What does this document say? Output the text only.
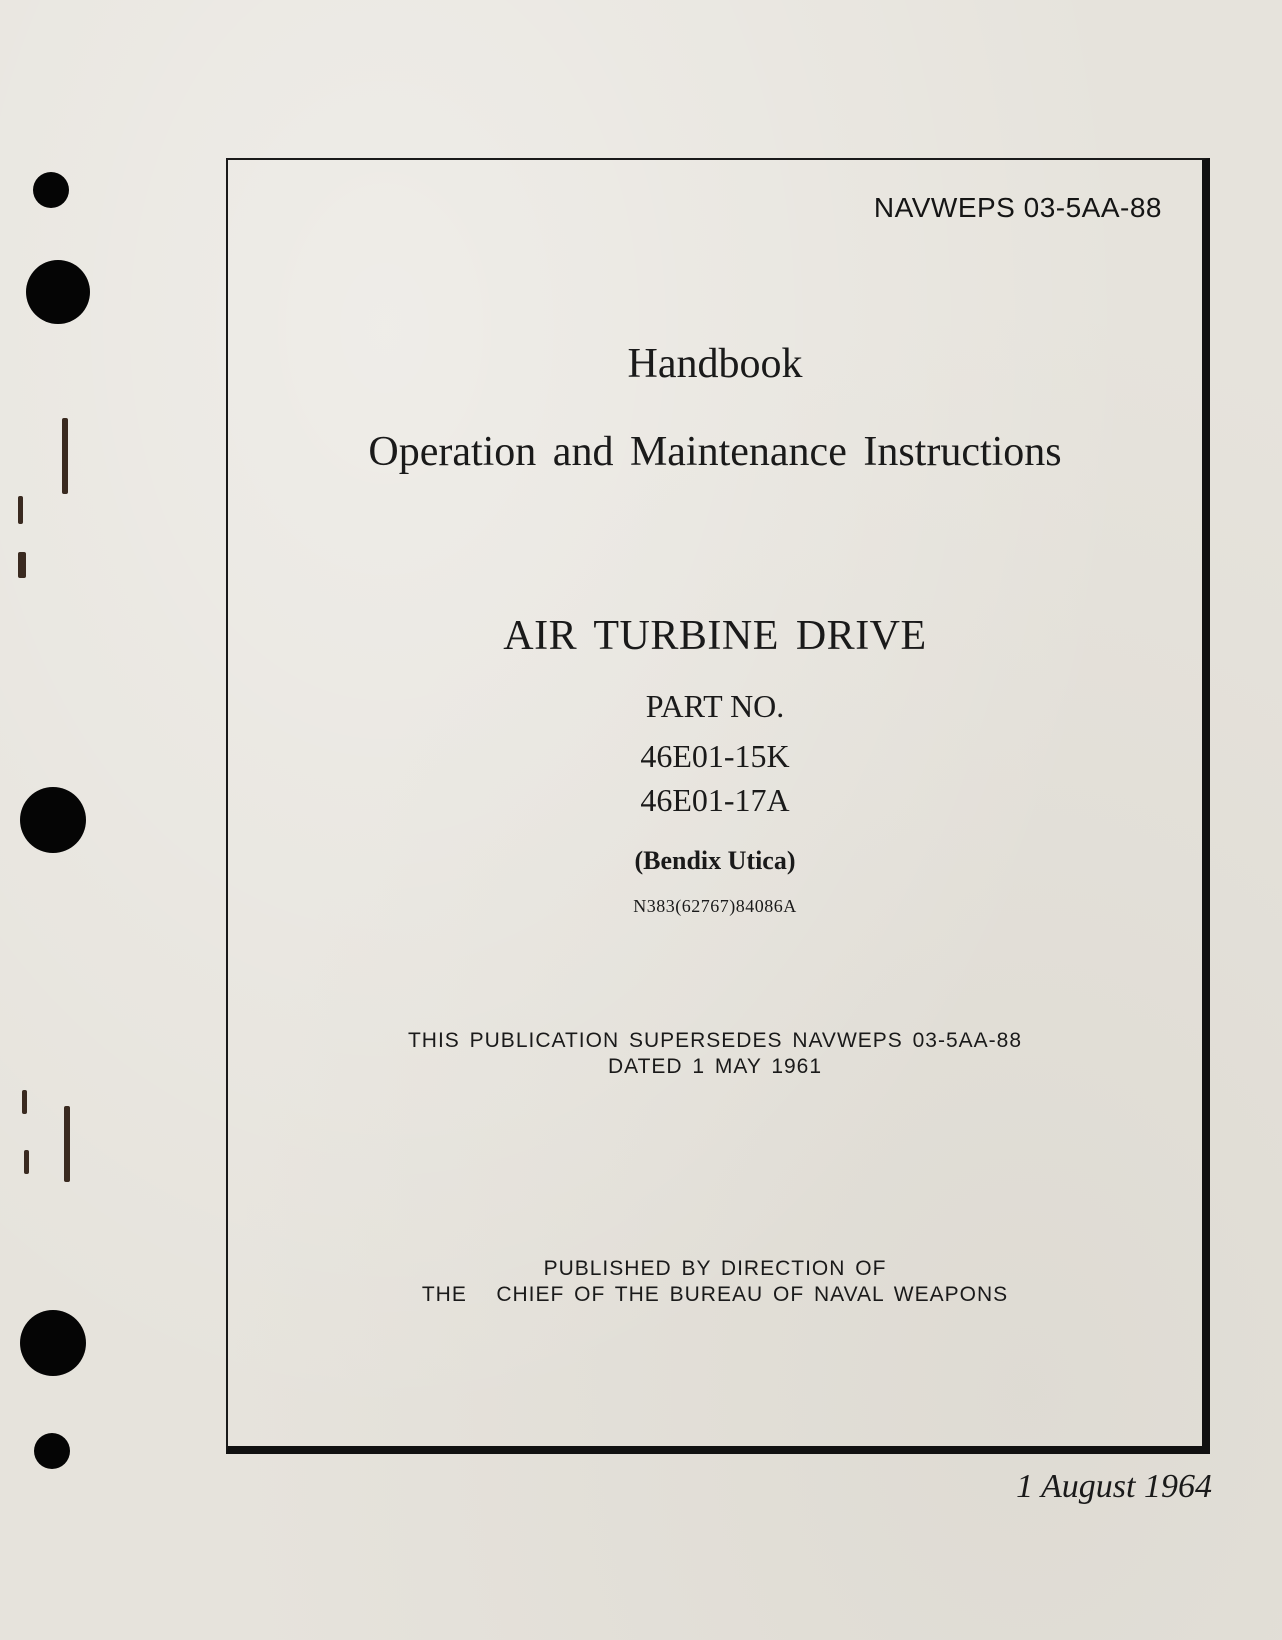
NAVWEPS 03-5AA-88
Handbook
Operation and Maintenance Instructions
AIR TURBINE DRIVE
PART NO.
46E01-15K
46E01-17A
(Bendix Utica)
N383(62767)84086A
THIS PUBLICATION SUPERSEDES NAVWEPS 03-5AA-88
DATED 1 MAY 1961
PUBLISHED BY DIRECTION OF
THE   CHIEF OF THE BUREAU OF NAVAL WEAPONS
1 August 1964
